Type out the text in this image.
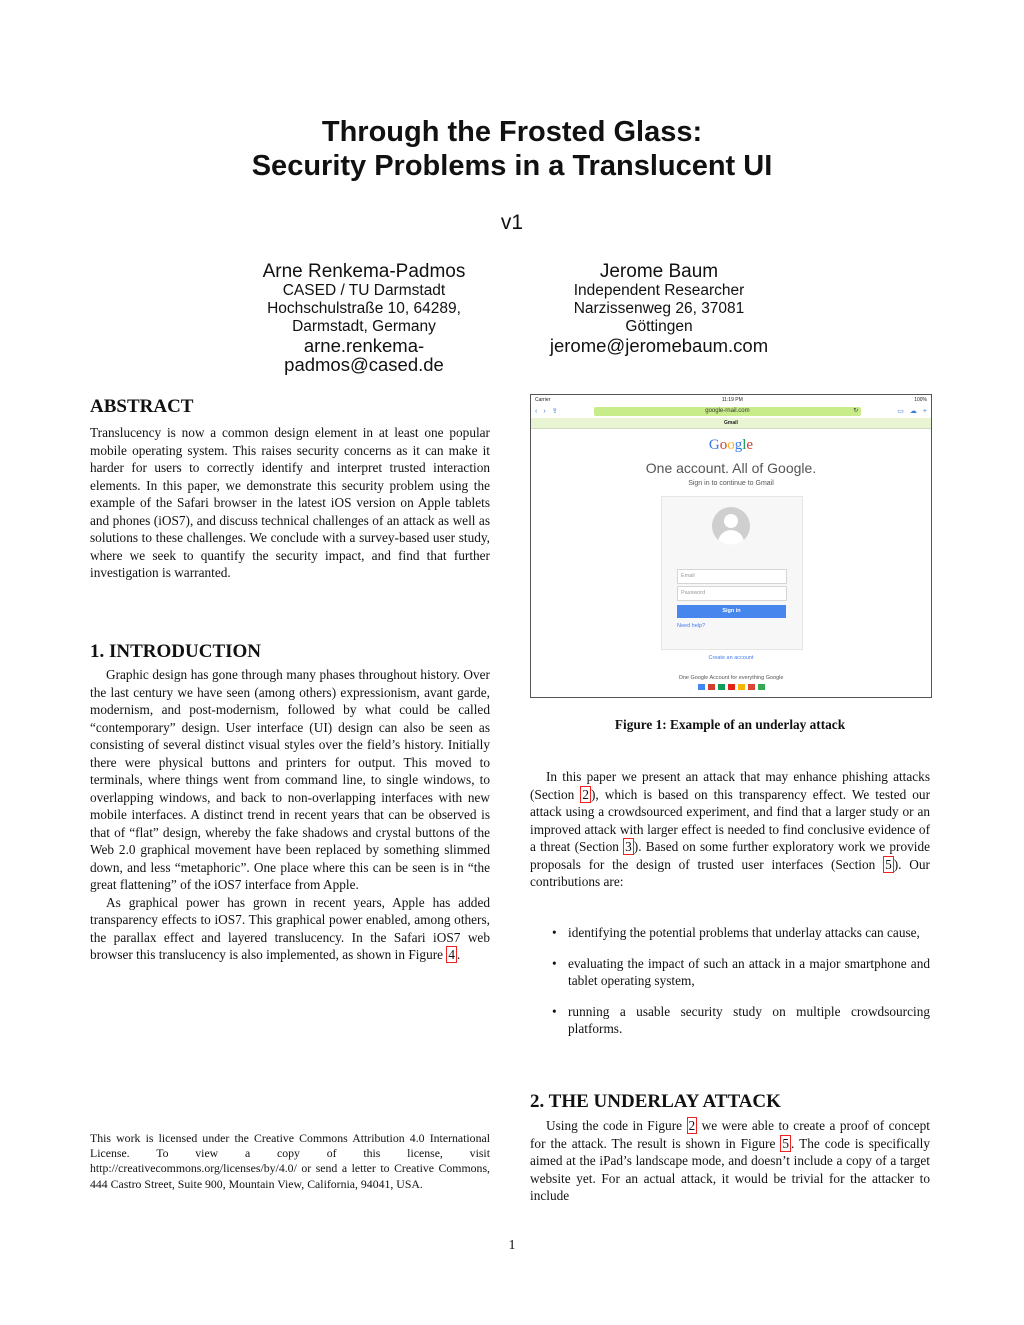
Through the Frosted Glass:
Security Problems in a Translucent UI
v1
Arne Renkema-Padmos
CASED / TU Darmstadt
Hochschulstraße 10, 64289,
Darmstadt, Germany
arne.renkema-
padmos@cased.de
Jerome Baum
Independent Researcher
Narzissenweg 26, 37081
Göttingen
jerome@jeromebaum.com
ABSTRACT

Translucency is now a common design element in at least one popular mobile operating system. This raises security concerns as it can make it harder for users to correctly identify and interpret trusted interaction elements. In this paper, we demonstrate this security problem using the example of the Safari browser in the latest iOS version on Apple tablets and phones (iOS7), and discuss technical challenges of an attack as well as solutions to these challenges. We conclude with a survey-based user study, where we seek to quantify the security impact, and find that further investigation is warranted.

1. INTRODUCTION

Graphic design has gone through many phases throughout history. Over the last century we have seen (among others) expressionism, avant garde, modernism, and post-modernism, followed by what could be called “contemporary” design. User interface (UI) design can also be seen as consisting of several distinct visual styles over the field’s history. Initially there were physical buttons and printers for output. This moved to terminals, where things went from command line, to single windows, to overlapping windows, and back to non-overlapping interfaces with new mobile interfaces. A distinct trend in recent years that can be observed is that of “flat” design, whereby the fake shadows and crystal buttons of the Web 2.0 graphical movement have been replaced by something slimmed down, and less “metaphoric”. One place where this can be seen is in “the great flattening” of the iOS7 interface from Apple.

As graphical power has grown in recent years, Apple has added transparency effects to iOS7. This graphical power enabled, among others, the parallax effect and layered translucency. In the Safari iOS7 web browser this translucency is also implemented, as shown in Figure 4 .

This work is licensed under the Creative Commons Attribution 4.0 International License. To view a copy of this license, visit http://creativecommons.org/licenses/by/4.0/ or send a letter to Creative Commons, 444 Castro Street, Suite 900, Mountain View, California, 94041, USA.
Carrier	11:19 PM	100%
‹ › ⇪	google-rnail.com	↻	▭ ☁ +
Gmail
Google
One account. All of Google.
Sign in to continue to Gmail
Email
Password
Sign in
Need help?
Create an account
One Google Account for everything Google
Figure 1: Example of an underlay attack

In this paper we present an attack that may enhance phishing attacks (Section 2 ), which is based on this transparency effect. We tested our attack using a crowdsourced experiment, and find that a larger study or an improved attack with larger effect is needed to find conclusive evidence of a threat (Section 3 ). Based on some further exploratory work we provide proposals for the design of trusted user interfaces (Section 5 ). Our contributions are:

• identifying the potential problems that underlay attacks can cause,
• evaluating the impact of such an attack in a major smartphone and tablet operating system,
• running a usable security study on multiple crowdsourcing platforms.
2. THE UNDERLAY ATTACK

Using the code in Figure 2 we were able to create a proof of concept for the attack. The result is shown in Figure 5 . The code is specifically aimed at the iPad’s landscape mode, and doesn’t include a copy of a target website yet. For an actual attack, it would be trivial for the attacker to include

1
